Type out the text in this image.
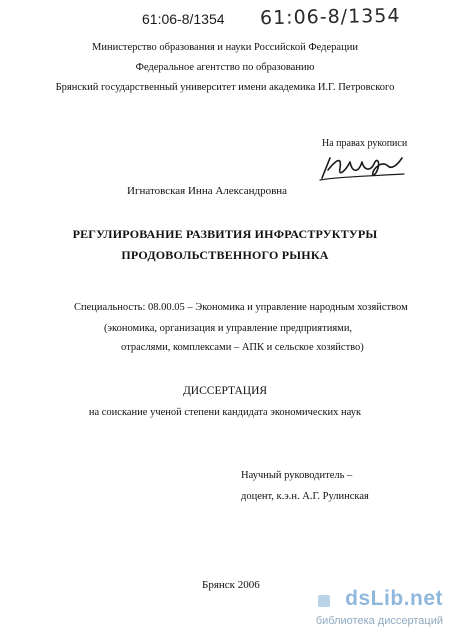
61:06-8/1354 61:06-8/1354
Министерство образования и науки Российской Федерации
Федеральное агентство по образованию
Брянский государственный университет имени академика И.Г. Петровского
На правах рукописи
Игнатовская Инна Александровна
РЕГУЛИРОВАНИЕ РАЗВИТИЯ ИНФРАСТРУКТУРЫ
ПРОДОВОЛЬСТВЕННОГО РЫНКА
Специальность: 08.00.05 – Экономика и управление народным хозяйством
(экономика, организация и управление предприятиями,
отраслями, комплексами – АПК и сельское хозяйство)
ДИССЕРТАЦИЯ
на соискание ученой степени кандидата экономических наук
Научный руководитель –
доцент, к.э.н. А.Г. Рулинская
Брянск 2006
dsLib.net
библиотека диссертаций
